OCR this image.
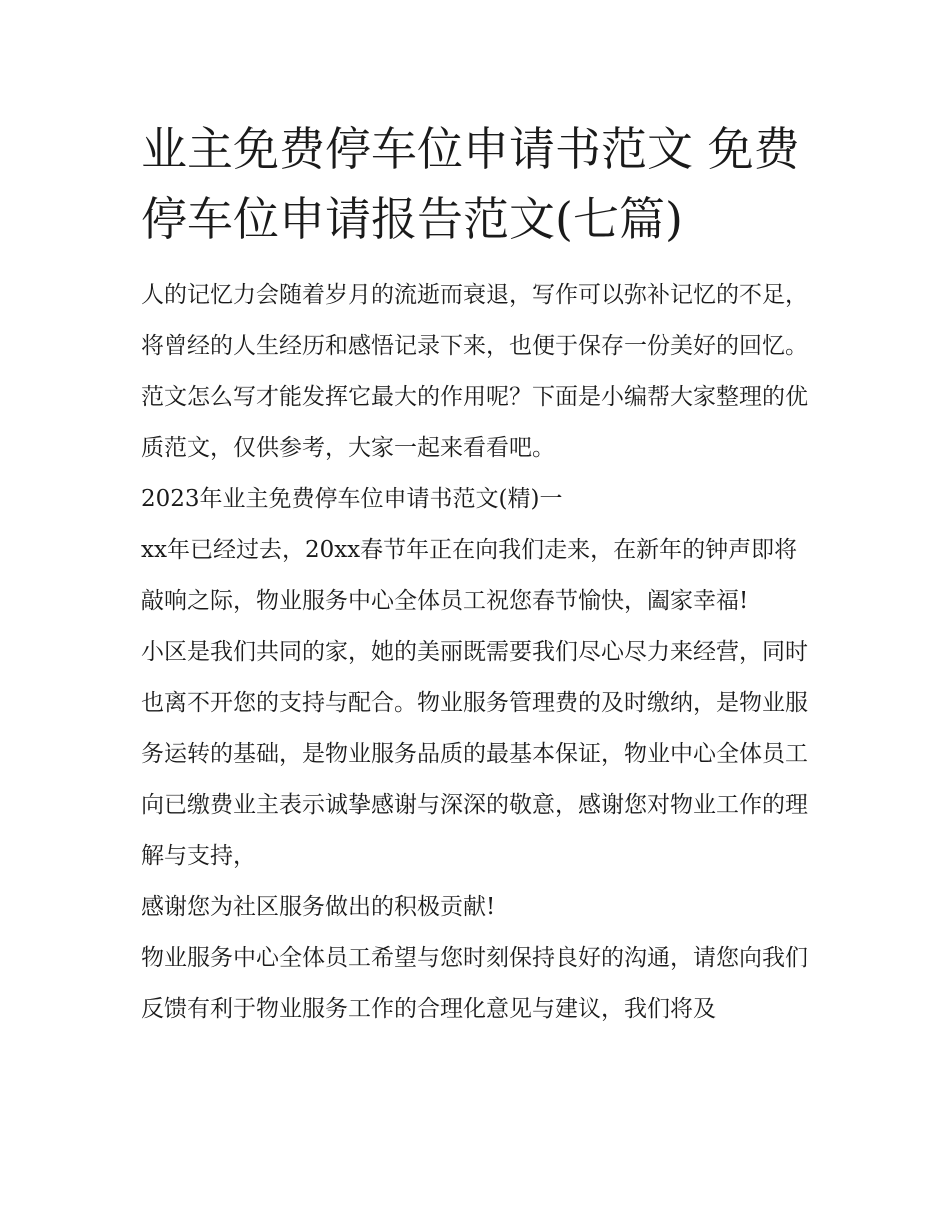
业主免费停车位申请书范文 免费停车位申请报告范文(七篇)

人的记忆力会随着岁月的流逝而衰退，写作可以弥补记忆的不足，将曾经的人生经历和感悟记录下来，也便于保存一份美好的回忆。范文怎么写才能发挥它最大的作用呢？下面是小编帮大家整理的优质范文，仅供参考，大家一起来看看吧。

2023年业主免费停车位申请书范文(精)一

xx年已经过去，20xx春节年正在向我们走来，在新年的钟声即将敲响之际，物业服务中心全体员工祝您春节愉快，阖家幸福!

小区是我们共同的家，她的美丽既需要我们尽心尽力来经营，同时也离不开您的支持与配合。物业服务管理费的及时缴纳，是物业服务运转的基础，是物业服务品质的最基本保证，物业中心全体员工向已缴费业主表示诚挚感谢与深深的敬意，感谢您对物业工作的理解与支持，

感谢您为社区服务做出的积极贡献!

物业服务中心全体员工希望与您时刻保持良好的沟通，请您向我们反馈有利于物业服务工作的合理化意见与建议，我们将及
